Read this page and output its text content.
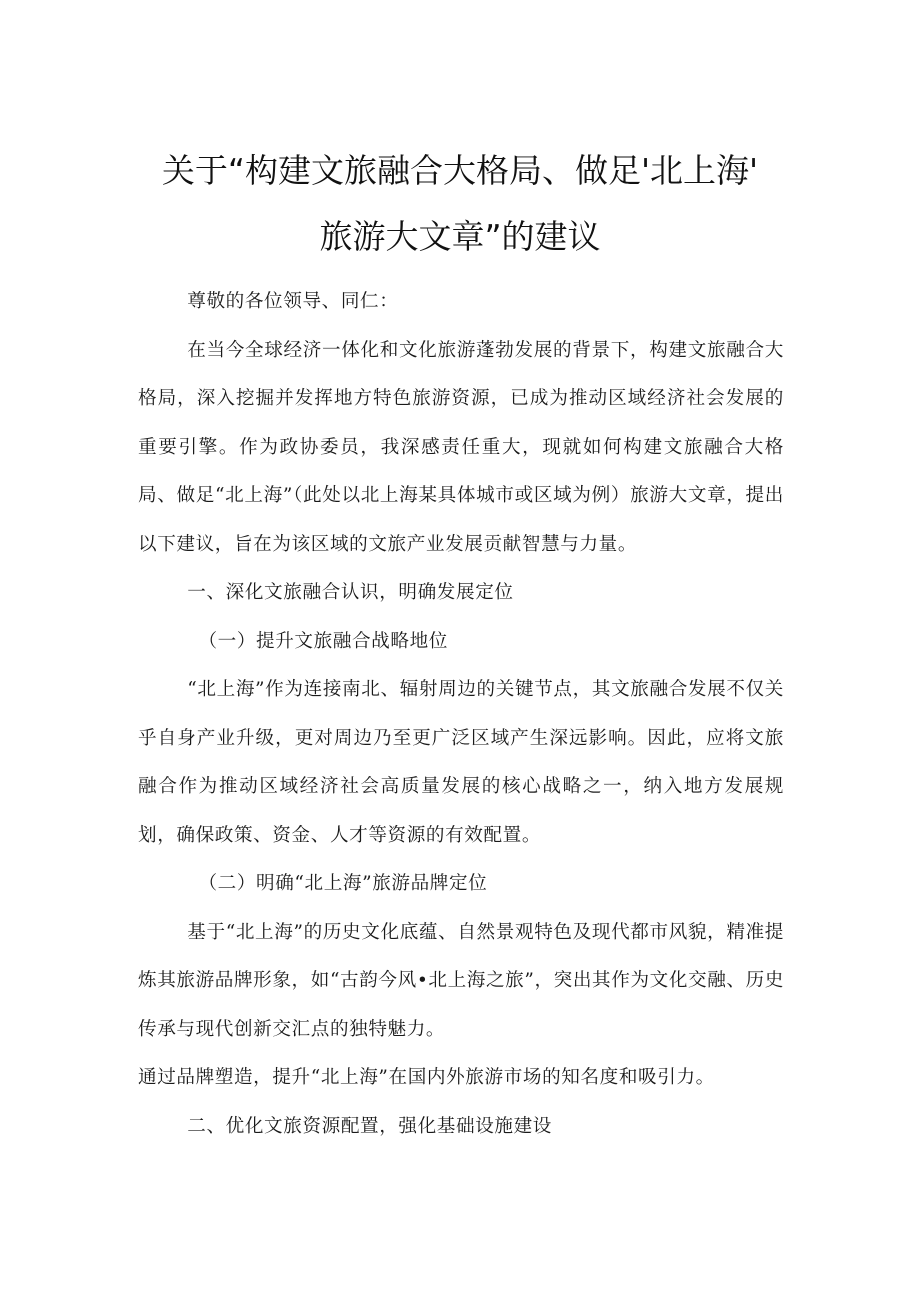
关于“构建文旅融合大格局、做足'北上海'
旅游大文章”的建议

尊敬的各位领导、同仁：

在当今全球经济一体化和文化旅游蓬勃发展的背景下，构建文旅融合大格局，深入挖掘并发挥地方特色旅游资源，已成为推动区域经济社会发展的重要引擎。作为政协委员，我深感责任重大，现就如何构建文旅融合大格局、做足“北上海”（此处以北上海某具体城市或区域为例）旅游大文章，提出以下建议，旨在为该区域的文旅产业发展贡献智慧与力量。

一、深化文旅融合认识，明确发展定位

（一）提升文旅融合战略地位

“北上海”作为连接南北、辐射周边的关键节点，其文旅融合发展不仅关乎自身产业升级，更对周边乃至更广泛区域产生深远影响。因此，应将文旅融合作为推动区域经济社会高质量发展的核心战略之一，纳入地方发展规划，确保政策、资金、人才等资源的有效配置。

（二）明确“北上海”旅游品牌定位

基于“北上海”的历史文化底蕴、自然景观特色及现代都市风貌，精准提炼其旅游品牌形象，如“古韵今风•北上海之旅”，突出其作为文化交融、历史传承与现代创新交汇点的独特魅力。

通过品牌塑造，提升“北上海”在国内外旅游市场的知名度和吸引力。

二、优化文旅资源配置，强化基础设施建设
